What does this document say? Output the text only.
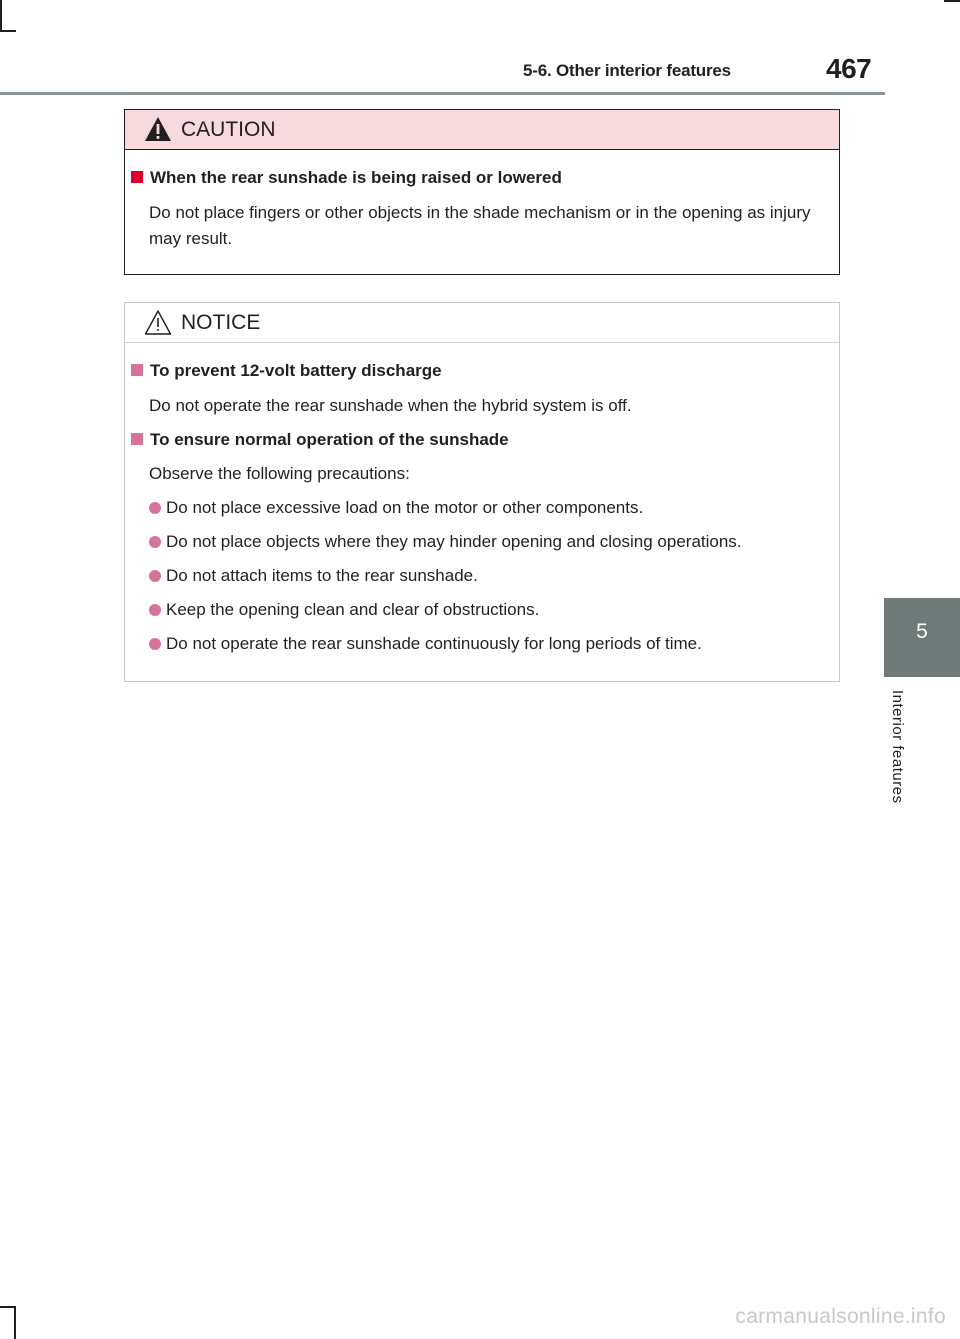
5-6. Other interior features	467
5
Interior features
CAUTION
When the rear sunshade is being raised or lowered
Do not place fingers or other objects in the shade mechanism or in the opening as injury may result.
NOTICE
To prevent 12-volt battery discharge
Do not operate the rear sunshade when the hybrid system is off.
To ensure normal operation of the sunshade
Observe the following precautions:
Do not place excessive load on the motor or other components.
Do not place objects where they may hinder opening and closing operations.
Do not attach items to the rear sunshade.
Keep the opening clean and clear of obstructions.
Do not operate the rear sunshade continuously for long periods of time.
carmanualsonline.info
